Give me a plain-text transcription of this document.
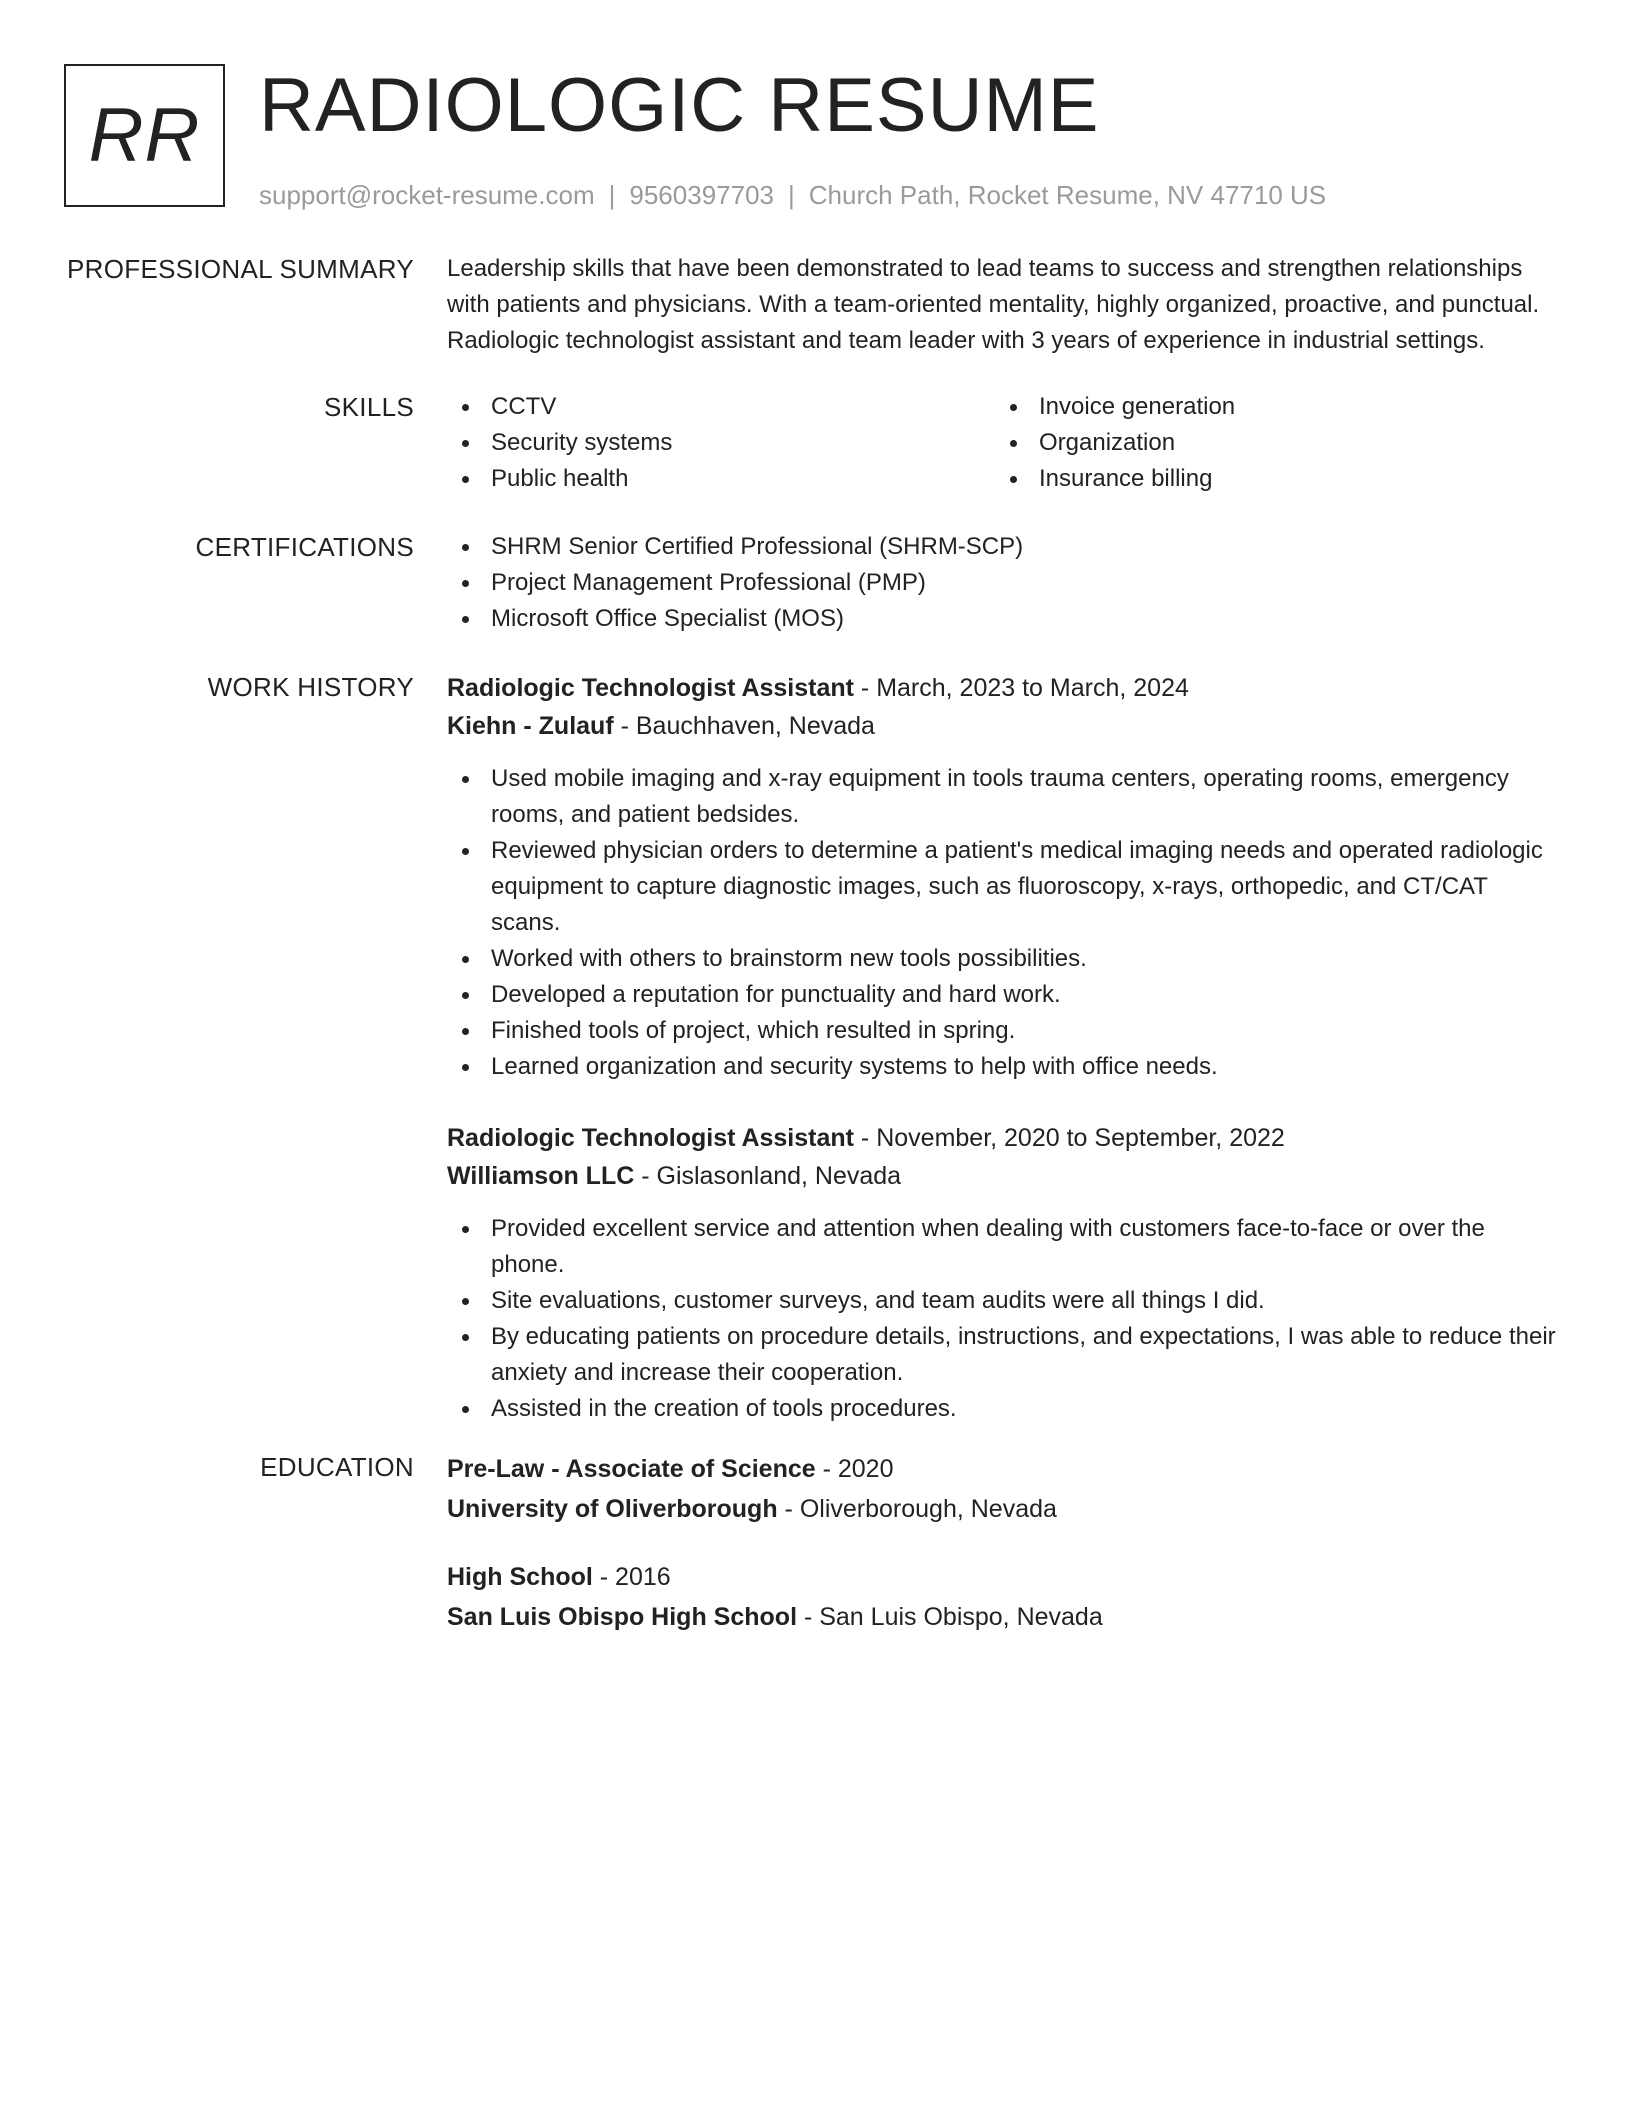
RR RADIOLOGIC RESUME
support@rocket-resume.com | 9560397703 | Church Path, Rocket Resume, NV 47710 US
PROFESSIONAL SUMMARY Leadership skills that have been demonstrated to lead teams to success and strengthen relationships with patients and physicians. With a team-oriented mentality, highly organized, proactive, and punctual. Radiologic technologist assistant and team leader with 3 years of experience in industrial settings.
SKILLS	CCTV
Security systems
Public health
Invoice generation
Organization
Insurance billing
CERTIFICATIONS	SHRM Senior Certified Professional (SHRM-SCP)
Project Management Professional (PMP)
Microsoft Office Specialist (MOS)
WORK HISTORY Radiologic Technologist Assistant - March, 2023 to March, 2024
Kiehn - Zulauf - Bauchhaven, Nevada
Used mobile imaging and x-ray equipment in tools trauma centers, operating rooms, emergency rooms, and patient bedsides.
Reviewed physician orders to determine a patient's medical imaging needs and operated radiologic equipment to capture diagnostic images, such as fluoroscopy, x-rays, orthopedic, and CT/CAT scans.
Worked with others to brainstorm new tools possibilities.
Developed a reputation for punctuality and hard work.
Finished tools of project, which resulted in spring.
Learned organization and security systems to help with office needs.
Radiologic Technologist Assistant - November, 2020 to September, 2022
Williamson LLC - Gislasonland, Nevada
Provided excellent service and attention when dealing with customers face-to-face or over the phone.
Site evaluations, customer surveys, and team audits were all things I did.
By educating patients on procedure details, instructions, and expectations, I was able to reduce their anxiety and increase their cooperation.
Assisted in the creation of tools procedures.
EDUCATION Pre-Law - Associate of Science - 2020
University of Oliverborough - Oliverborough, Nevada
High School - 2016
San Luis Obispo High School - San Luis Obispo, Nevada
